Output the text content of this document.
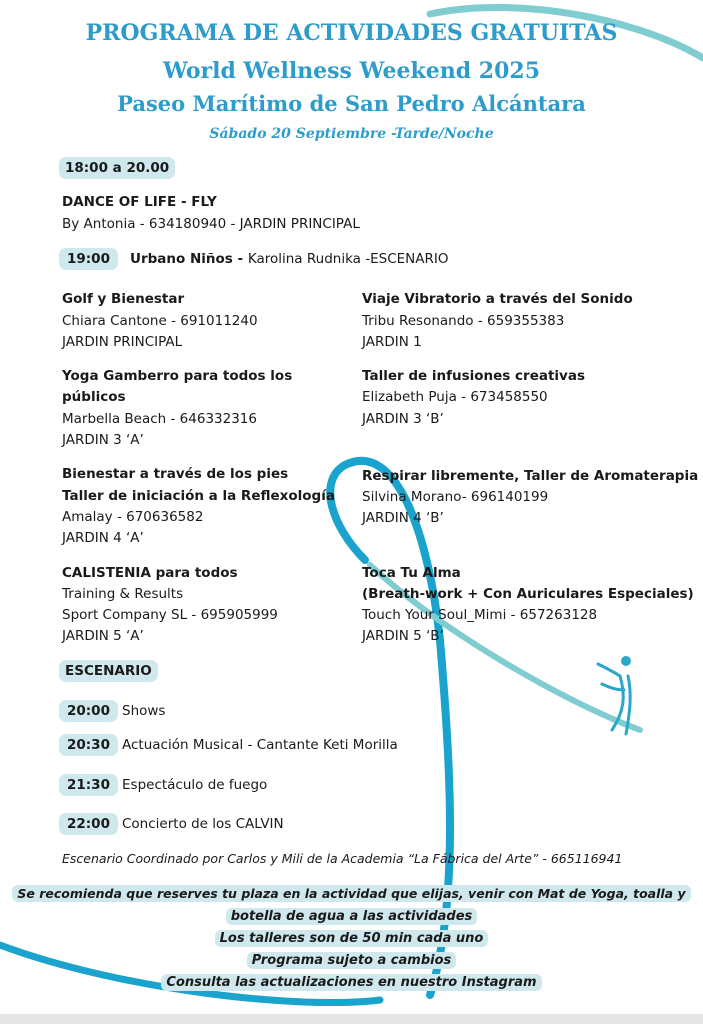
PROGRAMA DE ACTIVIDADES GRATUITAS
World Wellness Weekend 2025
Paseo Marítimo de San Pedro Alcántara
Sábado 20 Septiembre -Tarde/Noche
18:00 a 20.00
DANCE OF LIFE - FLY
By Antonia - 634180940 - JARDIN PRINCIPAL
19:00	Urbano Niños - Karolina Rudnika -ESCENARIO
Golf y Bienestar
Chiara Cantone - 691011240
JARDIN PRINCIPAL
Yoga Gamberro para todos los
públicos
Marbella Beach - 646332316
JARDIN 3 ‘A’
Bienestar a través de los pies
Taller de iniciación a la Reflexología
Amalay - 670636582
JARDIN 4 ‘A’
CALISTENIA para todos
Training & Results
Sport Company SL - 695905999
JARDIN 5 ‘A’
Viaje Vibratorio a través del Sonido
Tribu Resonando - 659355383
JARDIN 1
Taller de infusiones creativas
Elizabeth Puja - 673458550
JARDIN 3 ‘B’
Respirar libremente, Taller de Aromaterapia
Silvina Morano- 696140199
JARDIN 4 ‘B’
Toca Tu Alma
(Breath-work + Con Auriculares Especiales)
Touch Your Soul_Mimi - 657263128
JARDIN 5 ‘B’
ESCENARIO
20:00 Shows
20:30 Actuación Musical - Cantante Keti Morilla
21:30 Espectáculo de fuego
22:00 Concierto de los CALVIN
Escenario Coordinado por Carlos y Mili de la Academia “La Fábrica del Arte” - 665116941
Se recomienda que reserves tu plaza en la actividad que elijas, venir con Mat de Yoga, toalla y
botella de agua a las actividades
Los talleres son de 50 min cada uno
Programa sujeto a cambios
Consulta las actualizaciones en nuestro Instagram
